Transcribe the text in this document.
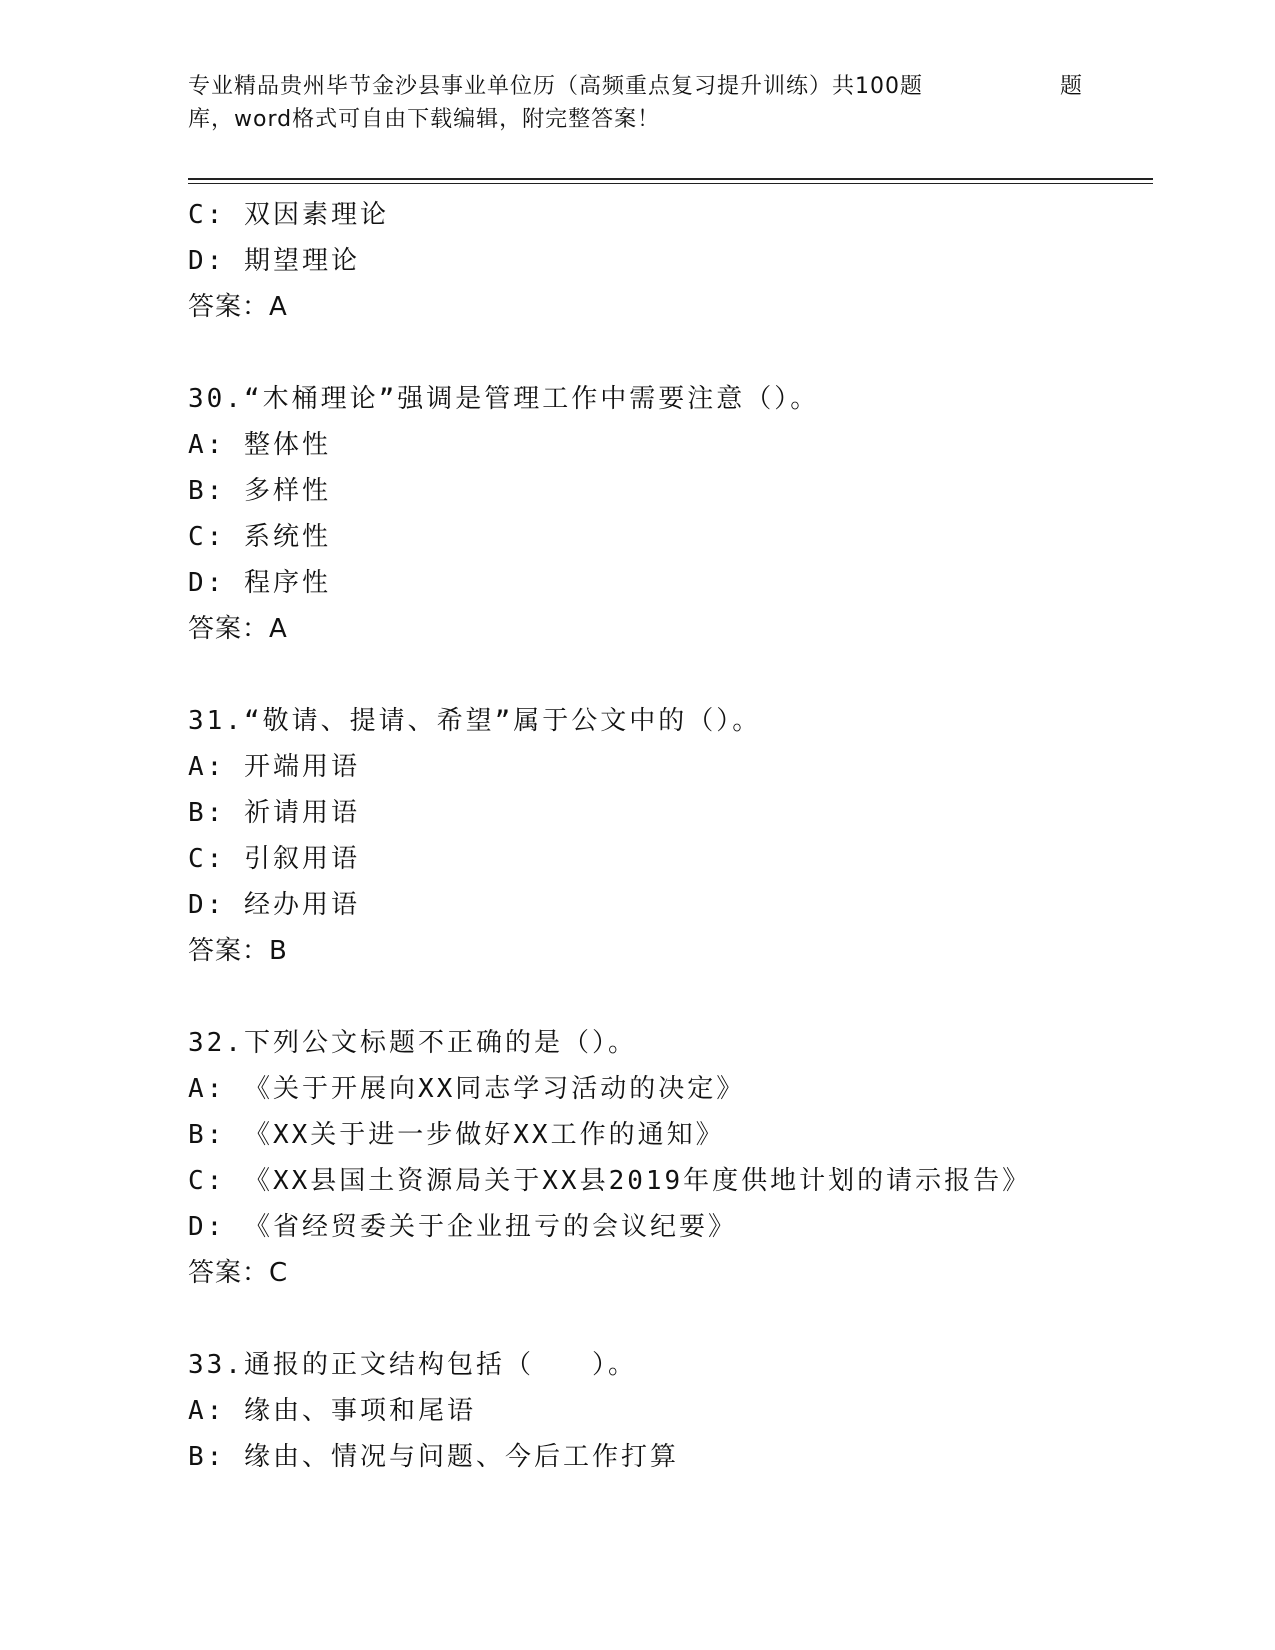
专业精品贵州毕节金沙县事业单位历（高频重点复习提升训练）共100题
库，word格式可自由下载编辑，附完整答案！
题
C: 双因素理论
D: 期望理论
答案：A
30.“木桶理论”强调是管理工作中需要注意（）。
A: 整体性
B: 多样性
C: 系统性
D: 程序性
答案：A
31.“敬请、提请、希望”属于公文中的（）。
A: 开端用语
B: 祈请用语
C: 引叙用语
D: 经办用语
答案：B
32.下列公文标题不正确的是（）。
A: 《关于开展向XX同志学习活动的决定》
B: 《XX关于进一步做好XX工作的通知》
C: 《XX县国土资源局关于XX县2019年度供地计划的请示报告》
D: 《省经贸委关于企业扭亏的会议纪要》
答案：C
33.通报的正文结构包括（　　）。
A: 缘由、事项和尾语
B: 缘由、情况与问题、今后工作打算
